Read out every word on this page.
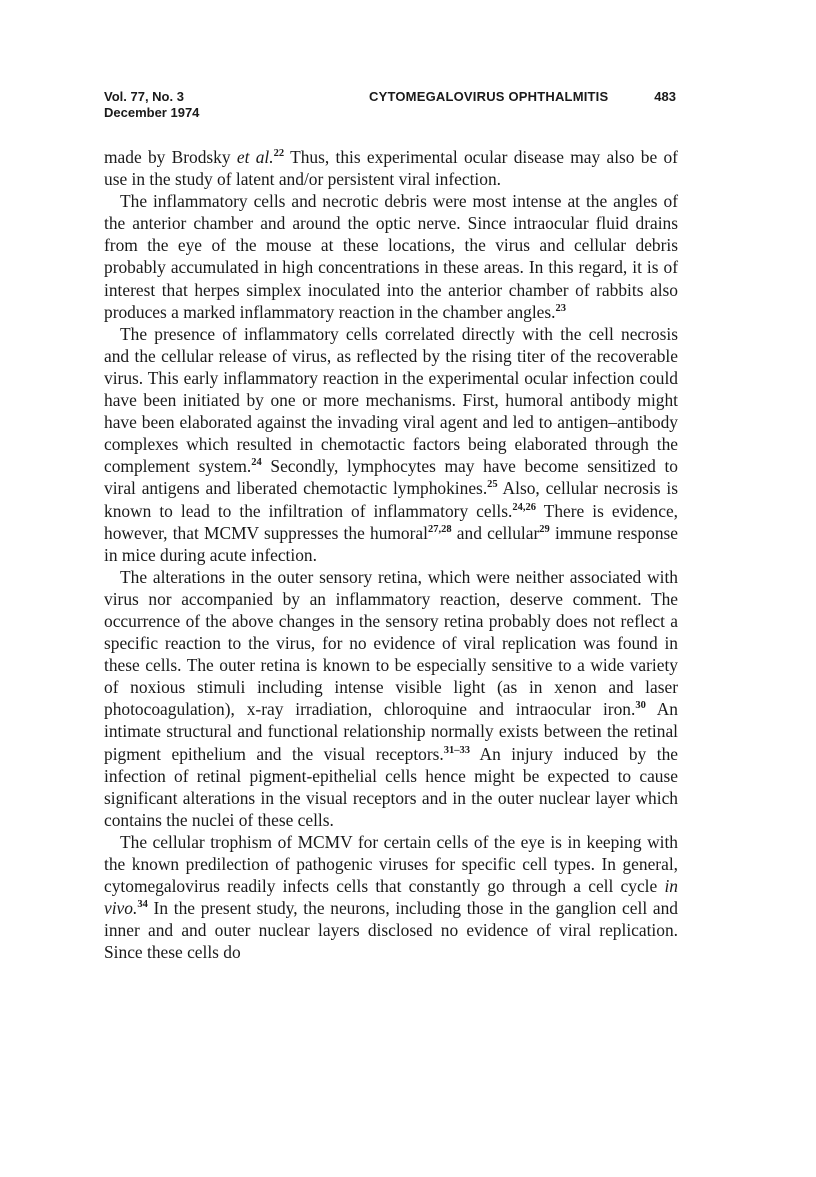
Vol. 77, No. 3
December 1974
CYTOMEGALOVIRUS OPHTHALMITIS	483

made by Brodsky et al.$^{22}$ Thus, this experimental ocular disease may also be of use in the study of latent and/or persistent viral infection.

The inflammatory cells and necrotic debris were most intense at the angles of the anterior chamber and around the optic nerve. Since intraocular fluid drains from the eye of the mouse at these locations, the virus and cellular debris probably accumulated in high concentrations in these areas. In this regard, it is of interest that herpes simplex inoculated into the anterior chamber of rabbits also produces a marked inflammatory reaction in the chamber angles.$^{23}$

The presence of inflammatory cells correlated directly with the cell necrosis and the cellular release of virus, as reflected by the rising titer of the recoverable virus. This early inflammatory reaction in the experimental ocular infection could have been initiated by one or more mechanisms. First, humoral antibody might have been elaborated against the invading viral agent and led to antigen–antibody complexes which resulted in chemotactic factors being elaborated through the complement system.$^{24}$ Secondly, lymphocytes may have become sensitized to viral antigens and liberated chemotactic lymphokines.$^{25}$ Also, cellular necrosis is known to lead to the infiltration of inflammatory cells.$^{24,26}$ There is evidence, however, that MCMV suppresses the humoral$^{27,28}$ and cellular$^{29}$ immune response in mice during acute infection.

The alterations in the outer sensory retina, which were neither associated with virus nor accompanied by an inflammatory reaction, deserve comment. The occurrence of the above changes in the sensory retina probably does not reflect a specific reaction to the virus, for no evidence of viral replication was found in these cells. The outer retina is known to be especially sensitive to a wide variety of noxious stimuli including intense visible light (as in xenon and laser photocoagulation), x-ray irradiation, chloroquine and intraocular iron.$^{30}$ An intimate structural and functional relationship normally exists between the retinal pigment epithelium and the visual receptors.$^{31-33}$ An injury induced by the infection of retinal pigment-epithelial cells hence might be expected to cause significant alterations in the visual receptors and in the outer nuclear layer which contains the nuclei of these cells.

The cellular trophism of MCMV for certain cells of the eye is in keeping with the known predilection of pathogenic viruses for specific cell types. In general, cytomegalovirus readily infects cells that constantly go through a cell cycle in vivo.$^{34}$ In the present study, the neurons, including those in the ganglion cell and inner and and outer nuclear layers disclosed no evidence of viral replication. Since these cells do
